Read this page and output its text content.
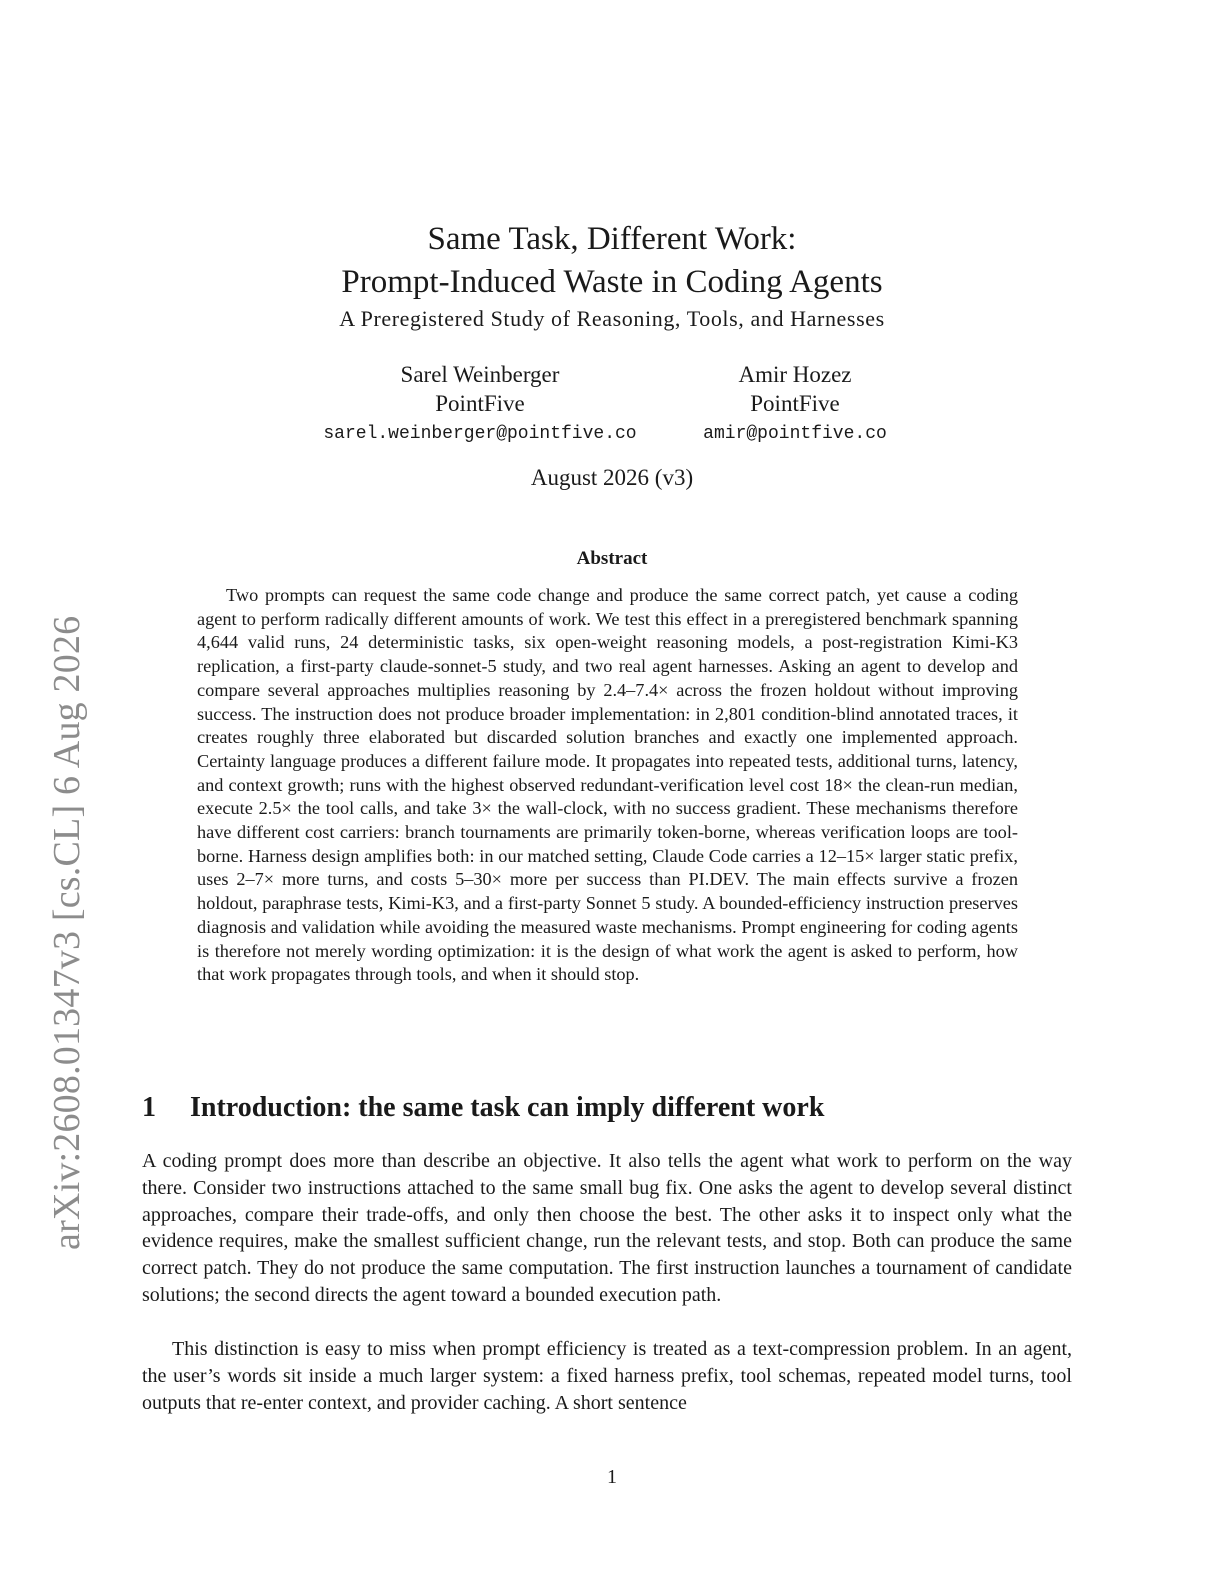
arXiv:2608.01347v3 [cs.CL] 6 Aug 2026

Same Task, Different Work:

Prompt-Induced Waste in Coding Agents

A Preregistered Study of Reasoning, Tools, and Harnesses

Sarel Weinberger
PointFive
sarel.weinberger@pointfive.co
Amir Hozez
PointFive
amir@pointfive.co
August 2026 (v3)
Abstract

Two prompts can request the same code change and produce the same correct patch, yet cause a coding agent to perform radically different amounts of work. We test this effect in a preregistered benchmark spanning 4,644 valid runs, 24 deterministic tasks, six open-weight reasoning models, a post-registration Kimi-K3 replication, a first-party claude-sonnet-5 study, and two real agent harnesses. Asking an agent to develop and compare several approaches multiplies reasoning by 2.4–7.4× across the frozen holdout without improving success. The instruction does not produce broader implementation: in 2,801 condition-blind annotated traces, it creates roughly three elaborated but discarded solution branches and exactly one implemented approach. Certainty language produces a different failure mode. It propagates into repeated tests, additional turns, latency, and context growth; runs with the highest observed redundant-verification level cost 18× the clean-run median, execute 2.5× the tool calls, and take 3× the wall-clock, with no success gradient. These mechanisms therefore have different cost carriers: branch tournaments are primarily token-borne, whereas verification loops are tool-borne. Harness design amplifies both: in our matched setting, Claude Code carries a 12–15× larger static prefix, uses 2–7× more turns, and costs 5–30× more per success than PI.DEV. The main effects survive a frozen holdout, paraphrase tests, Kimi-K3, and a first-party Sonnet 5 study. A bounded-efficiency instruction preserves diagnosis and validation while avoiding the measured waste mechanisms. Prompt engineering for coding agents is therefore not merely wording optimization: it is the design of what work the agent is asked to perform, how that work propagates through tools, and when it should stop.

1 Introduction: the same task can imply different work

A coding prompt does more than describe an objective. It also tells the agent what work to perform on the way there. Consider two instructions attached to the same small bug fix. One asks the agent to develop several distinct approaches, compare their trade-offs, and only then choose the best. The other asks it to inspect only what the evidence requires, make the smallest sufficient change, run the relevant tests, and stop. Both can produce the same correct patch. They do not produce the same computation. The first instruction launches a tournament of candidate solutions; the second directs the agent toward a bounded execution path.

This distinction is easy to miss when prompt efficiency is treated as a text-compression problem. In an agent, the user’s words sit inside a much larger system: a fixed harness prefix, tool schemas, repeated model turns, tool outputs that re-enter context, and provider caching. A short sentence

1
